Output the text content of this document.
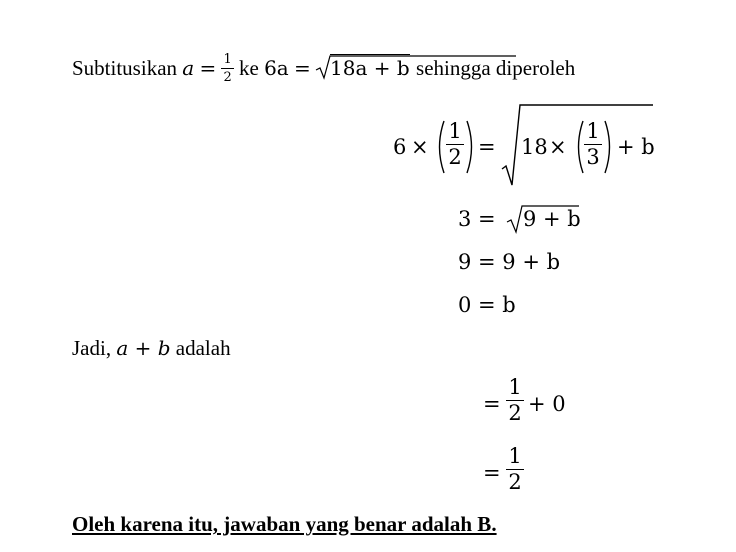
Subtitusikan $a = \frac{1}{2}$ ke 6a = 18a + b sehingga diperoleh
$6 \times \frac{1}{2} = 18 \times \frac{1}{3} + b$
3 = 9 + b
9 = 9 + b
0 = b
Jadi, a + b adalah
= $\frac{1}{2} + 0$
= $\frac{1}{2}$
Oleh karena itu, jawaban yang benar adalah B.
